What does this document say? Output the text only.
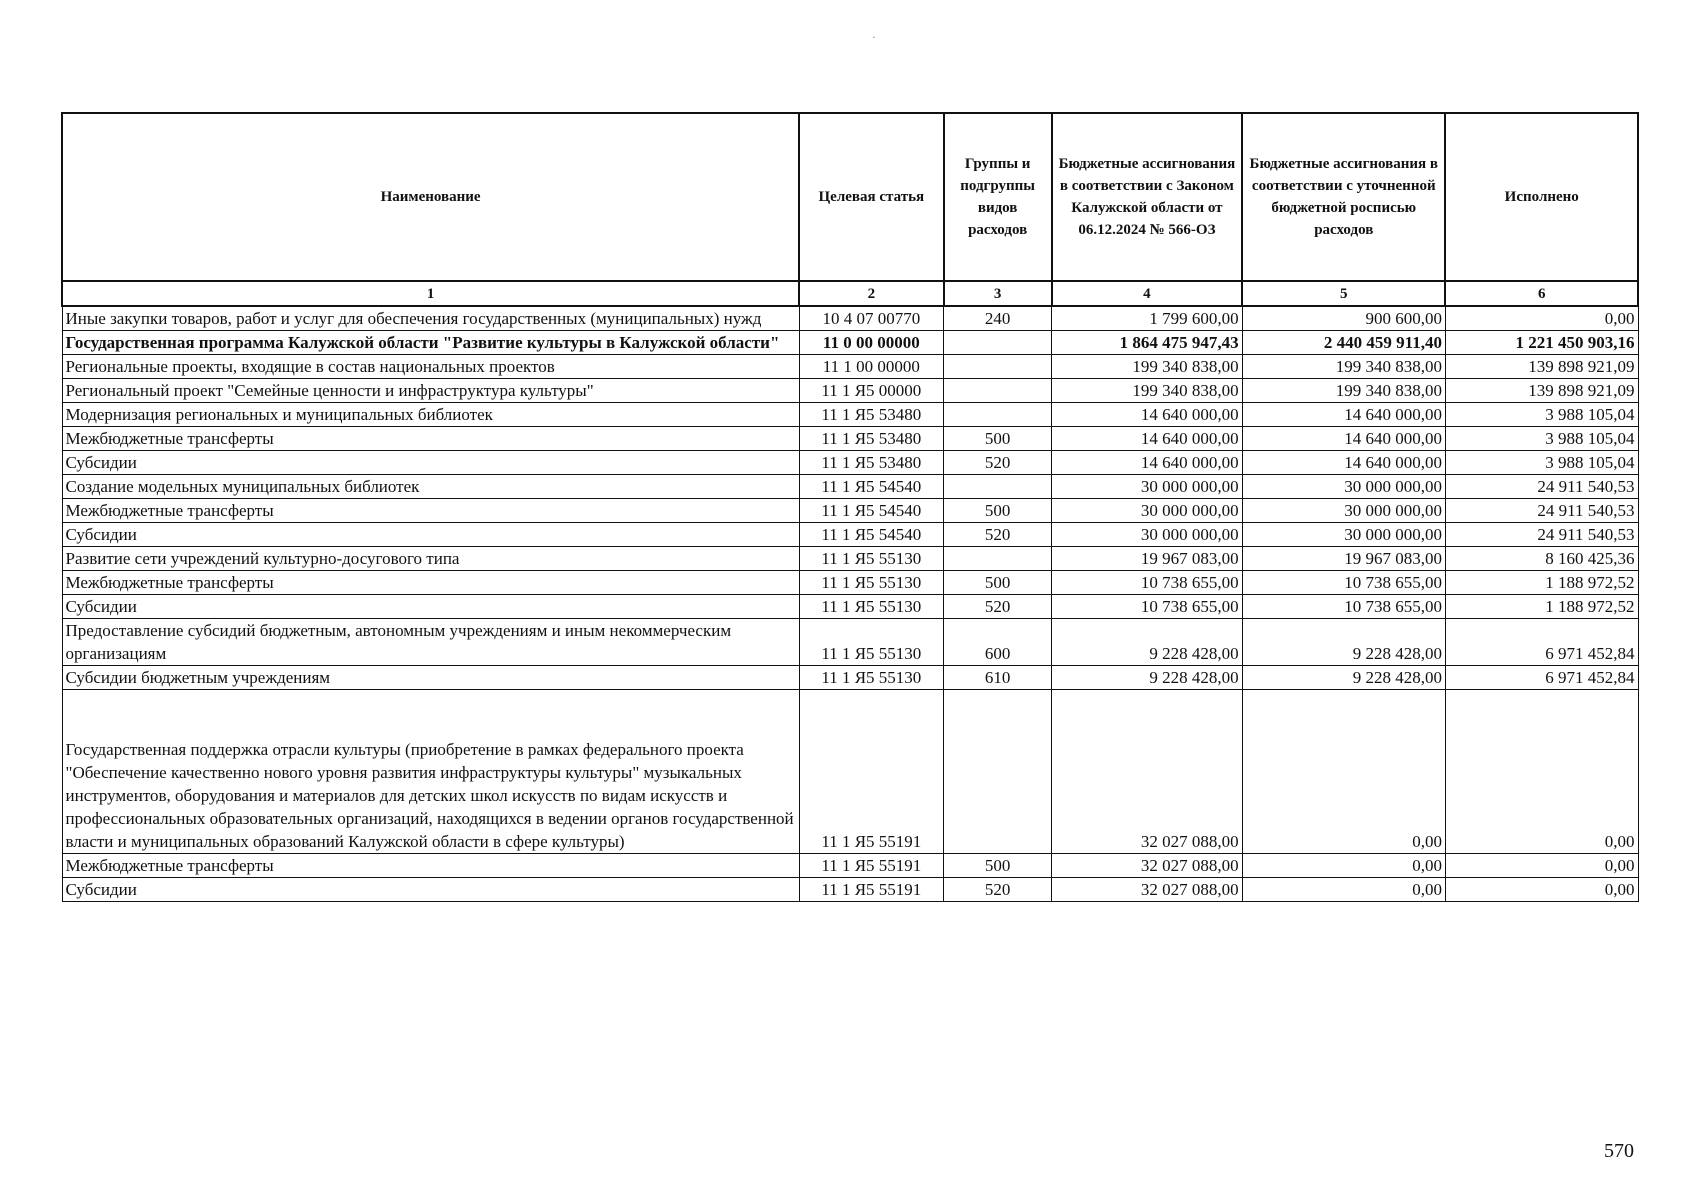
·
Наименование	Целевая статья	Группы и подгруппы видов расходов	Бюджетные ассигнования в соответствии с Законом Калужской области от 06.12.2024 № 566-ОЗ	Бюджетные ассигнования в соответствии с уточненной бюджетной росписью расходов	Исполнено
1	2	3	4	5	6
Иные закупки товаров, работ и услуг для обеспечения государственных (муниципальных) нужд	10 4 07 00770	240	1 799 600,00	900 600,00	0,00
Государственная программа Калужской области "Развитие культуры в Калужской области"	11 0 00 00000		1 864 475 947,43	2 440 459 911,40	1 221 450 903,16
Региональные проекты, входящие в состав национальных проектов	11 1 00 00000		199 340 838,00	199 340 838,00	139 898 921,09
Региональный проект "Семейные ценности и инфраструктура культуры"	11 1 Я5 00000		199 340 838,00	199 340 838,00	139 898 921,09
Модернизация региональных и муниципальных библиотек	11 1 Я5 53480		14 640 000,00	14 640 000,00	3 988 105,04
Межбюджетные трансферты	11 1 Я5 53480	500	14 640 000,00	14 640 000,00	3 988 105,04
Субсидии	11 1 Я5 53480	520	14 640 000,00	14 640 000,00	3 988 105,04
Создание модельных муниципальных библиотек	11 1 Я5 54540		30 000 000,00	30 000 000,00	24 911 540,53
Межбюджетные трансферты	11 1 Я5 54540	500	30 000 000,00	30 000 000,00	24 911 540,53
Субсидии	11 1 Я5 54540	520	30 000 000,00	30 000 000,00	24 911 540,53
Развитие сети учреждений культурно-досугового типа	11 1 Я5 55130		19 967 083,00	19 967 083,00	8 160 425,36
Межбюджетные трансферты	11 1 Я5 55130	500	10 738 655,00	10 738 655,00	1 188 972,52
Субсидии	11 1 Я5 55130	520	10 738 655,00	10 738 655,00	1 188 972,52
Предоставление субсидий бюджетным, автономным учреждениям и иным некоммерческим организациям	11 1 Я5 55130	600	9 228 428,00	9 228 428,00	6 971 452,84
Субсидии бюджетным учреждениям	11 1 Я5 55130	610	9 228 428,00	9 228 428,00	6 971 452,84
Государственная поддержка отрасли культуры (приобретение в рамках федерального проекта "Обеспечение качественно нового уровня развития инфраструктуры культуры" музыкальных инструментов, оборудования и материалов для детских школ искусств по видам искусств и профессиональных образовательных организаций, находящихся в ведении органов государственной власти и муниципальных образований Калужской области в сфере культуры)	11 1 Я5 55191		32 027 088,00	0,00	0,00
Межбюджетные трансферты	11 1 Я5 55191	500	32 027 088,00	0,00	0,00
Субсидии	11 1 Я5 55191	520	32 027 088,00	0,00	0,00
570
